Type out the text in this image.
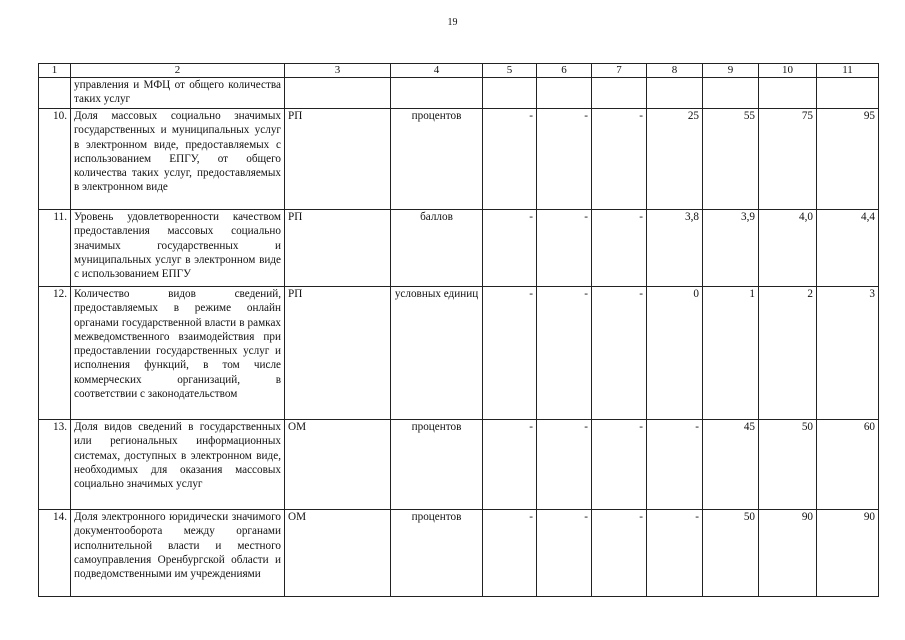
19
1	2	3	4	5	6	7	8	9	10	11
	управления и МФЦ от общего количества таких услуг									
10.	Доля массовых социально значимых государственных и муниципальных услуг в электронном виде, предоставляемых с использованием ЕПГУ, от общего количества таких услуг, предоставляемых в электронном виде	РП	процентов	-	-	-	25	55	75	95
11.	Уровень удовлетворенности качеством предоставления массовых социально значимых государственных и муниципальных услуг в электронном виде с использованием ЕПГУ	РП	баллов	-	-	-	3,8	3,9	4,0	4,4
12.	Количество видов сведений, предоставляемых в режиме онлайн органами государственной власти в рамках межведомственного взаимодействия при предоставлении государственных услуг и исполнения функций, в том числе коммерческих организаций, в соответствии с законодательством	РП	условных единиц	-	-	-	0	1	2	3
13.	Доля видов сведений в государственных или региональных информационных системах, доступных в электронном виде, необходимых для оказания массовых социально значимых услуг	ОМ	процентов	-	-	-	-	45	50	60
14.	Доля электронного юридически значимого документооборота между органами исполнительной власти и местного самоуправления Оренбургской области и подведомственными им учреждениями	ОМ	процентов	-	-	-	-	50	90	90
